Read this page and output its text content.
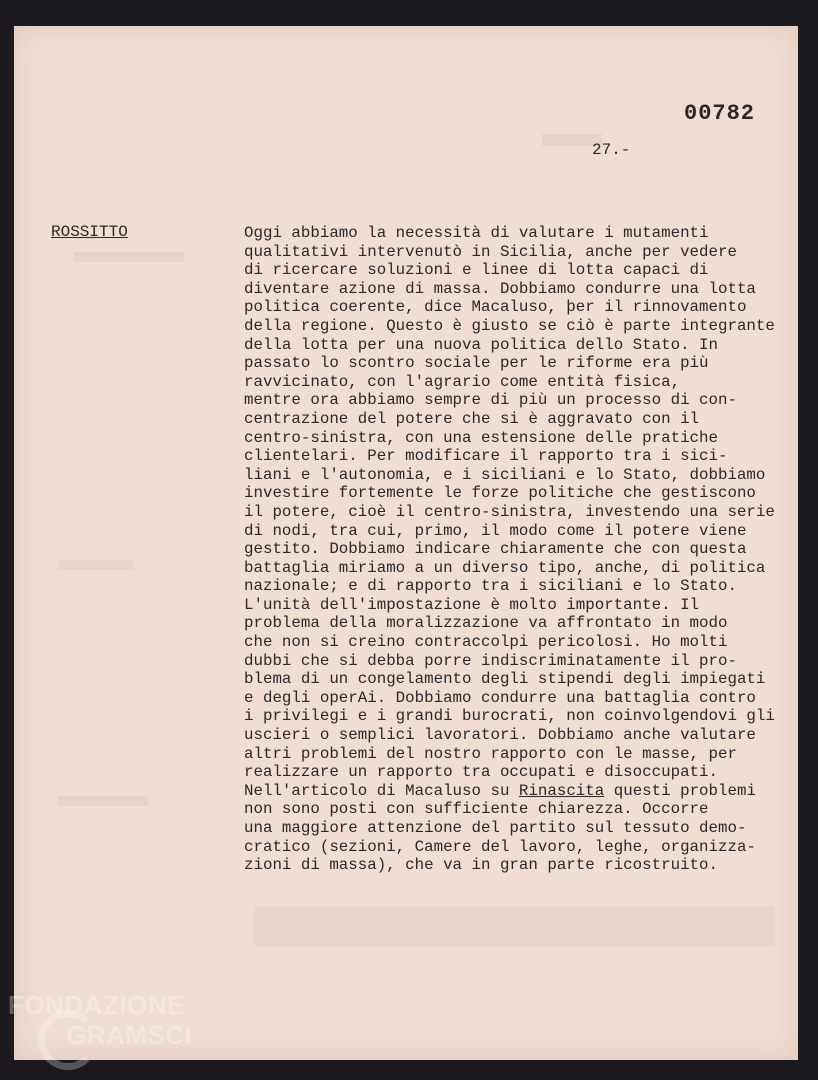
00782
27.-
ROSSITTO	Oggi abbiamo la necessità di valutare i mutamenti
qualitativi intervenutò in Sicilia, anche per vedere
di ricercare soluzioni e linee di lotta capaci di
diventare azione di massa. Dobbiamo condurre una lotta
politica coerente, dice Macaluso, þer il rinnovamento
della regione. Questo è giusto se ciò è parte integrante
della lotta per una nuova politica dello Stato. In
passato lo scontro sociale per le riforme era più
ravvicinato, con l'agrario come entità fisica,
mentre ora abbiamo sempre di più un processo di con-
centrazione del potere che si è aggravato con il
centro-sinistra, con una estensione delle pratiche
clientelari. Per modificare il rapporto tra i sici-
liani e l'autonomia, e i siciliani e lo Stato, dobbiamo
investire fortemente le forze politiche che gestiscono
il potere, cioè il centro-sinistra, investendo una serie
di nodi, tra cui, primo, il modo come il potere viene
gestito. Dobbiamo indicare chiaramente che con questa
battaglia miriamo a un diverso tipo, anche, di politica
nazionale; e di rapporto tra i siciliani e lo Stato.
L'unità dell'impostazione è molto importante. Il
problema della moralizzazione va affrontato in modo
che non si creino contraccolpi pericolosi. Ho molti
dubbi che si debba porre indiscriminatamente il pro-
blema di un congelamento degli stipendi degli impiegati
e degli operAi. Dobbiamo condurre una battaglia contro
i privilegi e i grandi burocrati, non coinvolgendovi gli
uscieri o semplici lavoratori. Dobbiamo anche valutare
altri problemi del nostro rapporto con le masse, per
realizzare un rapporto tra occupati e disoccupati.
Nell'articolo di Macaluso su Rinascita questi problemi
non sono posti con sufficiente chiarezza. Occorre
una maggiore attenzione del partito sul tessuto demo-
cratico (sezioni, Camere del lavoro, leghe, organizza-
zioni di massa), che va in gran parte ricostruito.
FONDAZIONE
GRAMSCI
